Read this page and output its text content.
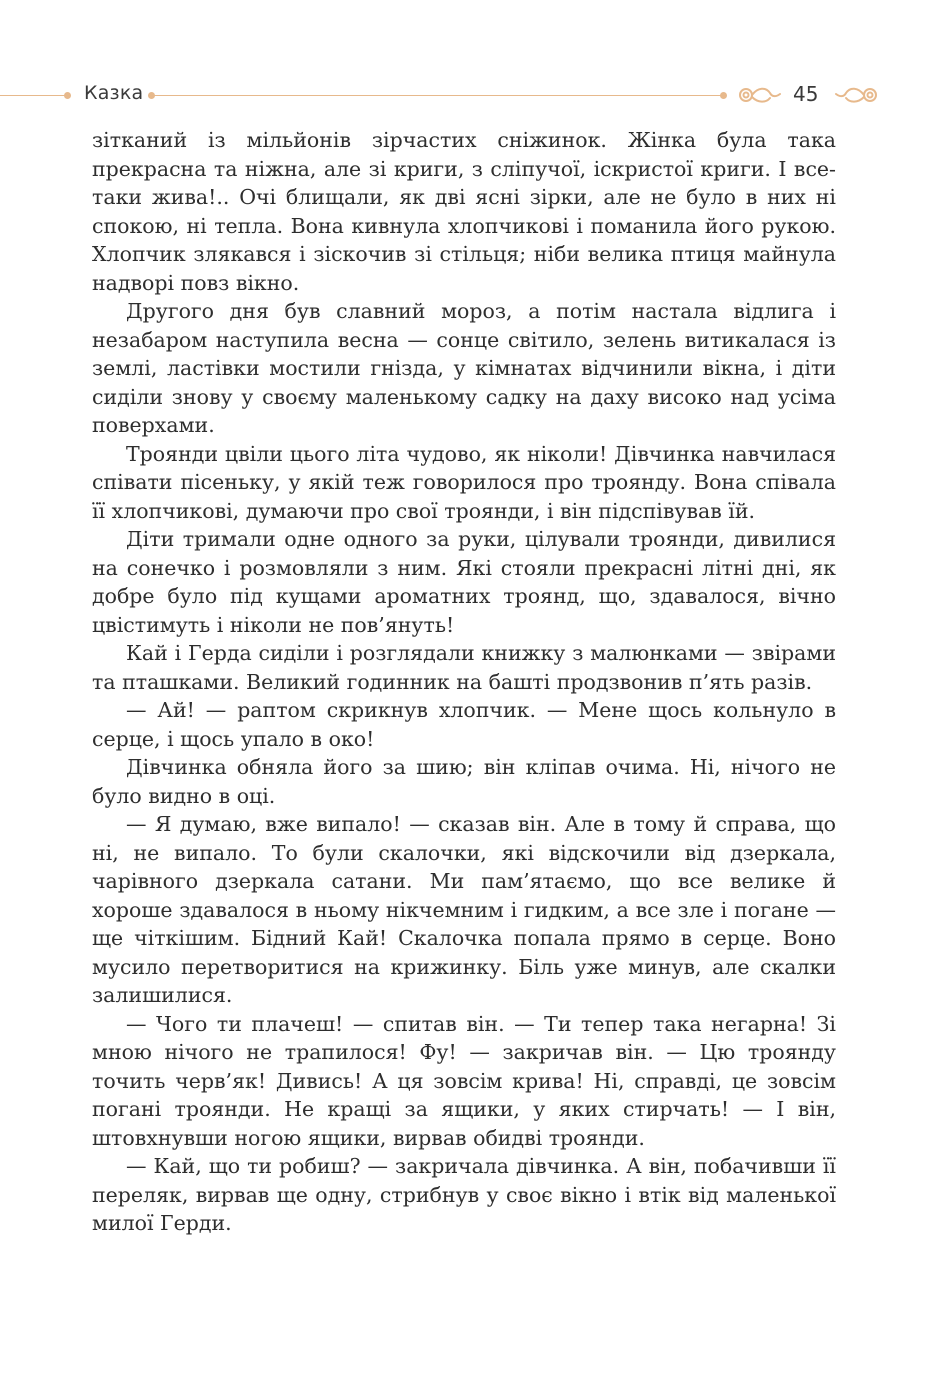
Казка	45

зітканий із мільйонів зірчастих сніжинок. Жінка була така прекрасна та ніжна, але зі криги, з сліпучої, іскристої криги. І все-таки жива!.. Очі блищали, як дві ясні зірки, але не було в них ні спокою, ні тепла. Вона кивнула хлопчикові і поманила його рукою. Хлопчик злякався і зіскочив зі стільця; ніби велика птиця майнула надворі повз вікно.

Другого дня був славний мороз, а потім настала відлига і незабаром наступила весна — сонце світило, зелень витикалася із землі, ластівки мостили гнізда, у кімнатах відчинили вікна, і діти сиділи знову у своєму маленькому садку на даху високо над усіма поверхами.

Троянди цвіли цього літа чудово, як ніколи! Дівчинка навчилася співати пісеньку, у якій теж говорилося про троянду. Вона співала її хлопчикові, думаючи про свої троянди, і він підспівував їй.

Діти тримали одне одного за руки, цілували троянди, дивилися на сонечко і розмовляли з ним. Які стояли прекрасні літні дні, як добре було під кущами ароматних троянд, що, здавалося, вічно цвістимуть і ніколи не пов’януть!

Кай і Герда сиділи і розглядали книжку з малюнками — звірами та пташками. Великий годинник на башті продзвонив п’ять разів.

— Ай! — раптом скрикнув хлопчик. — Мене щось кольнуло в серце, і щось упало в око!

Дівчинка обняла його за шию; він кліпав очима. Ні, нічого не було видно в оці.

— Я думаю, вже випало! — сказав він. Але в тому й справа, що ні, не випало. То були скалочки, які відскочили від дзеркала, чарівного дзеркала сатани. Ми пам’ятаємо, що все велике й хороше здавалося в ньому нікчемним і гидким, а все зле і погане — ще чіткішим. Бідний Кай! Скалочка попала прямо в серце. Воно мусило перетворитися на крижинку. Біль уже минув, але скалки залишилися.

— Чого ти плачеш! — спитав він. — Ти тепер така негарна! Зі мною нічого не трапилося! Фу! — закричав він. — Цю троянду точить черв’як! Дивись! А ця зовсім крива! Ні, справді, це зовсім погані троянди. Не кращі за ящики, у яких стирчать! — І він, штовхнувши ногою ящики, вирвав обидві троянди.

— Кай, що ти робиш? — закричала дівчинка. А він, побачивши її переляк, вирвав ще одну, стрибнув у своє вікно і втік від маленької милої Герди.
